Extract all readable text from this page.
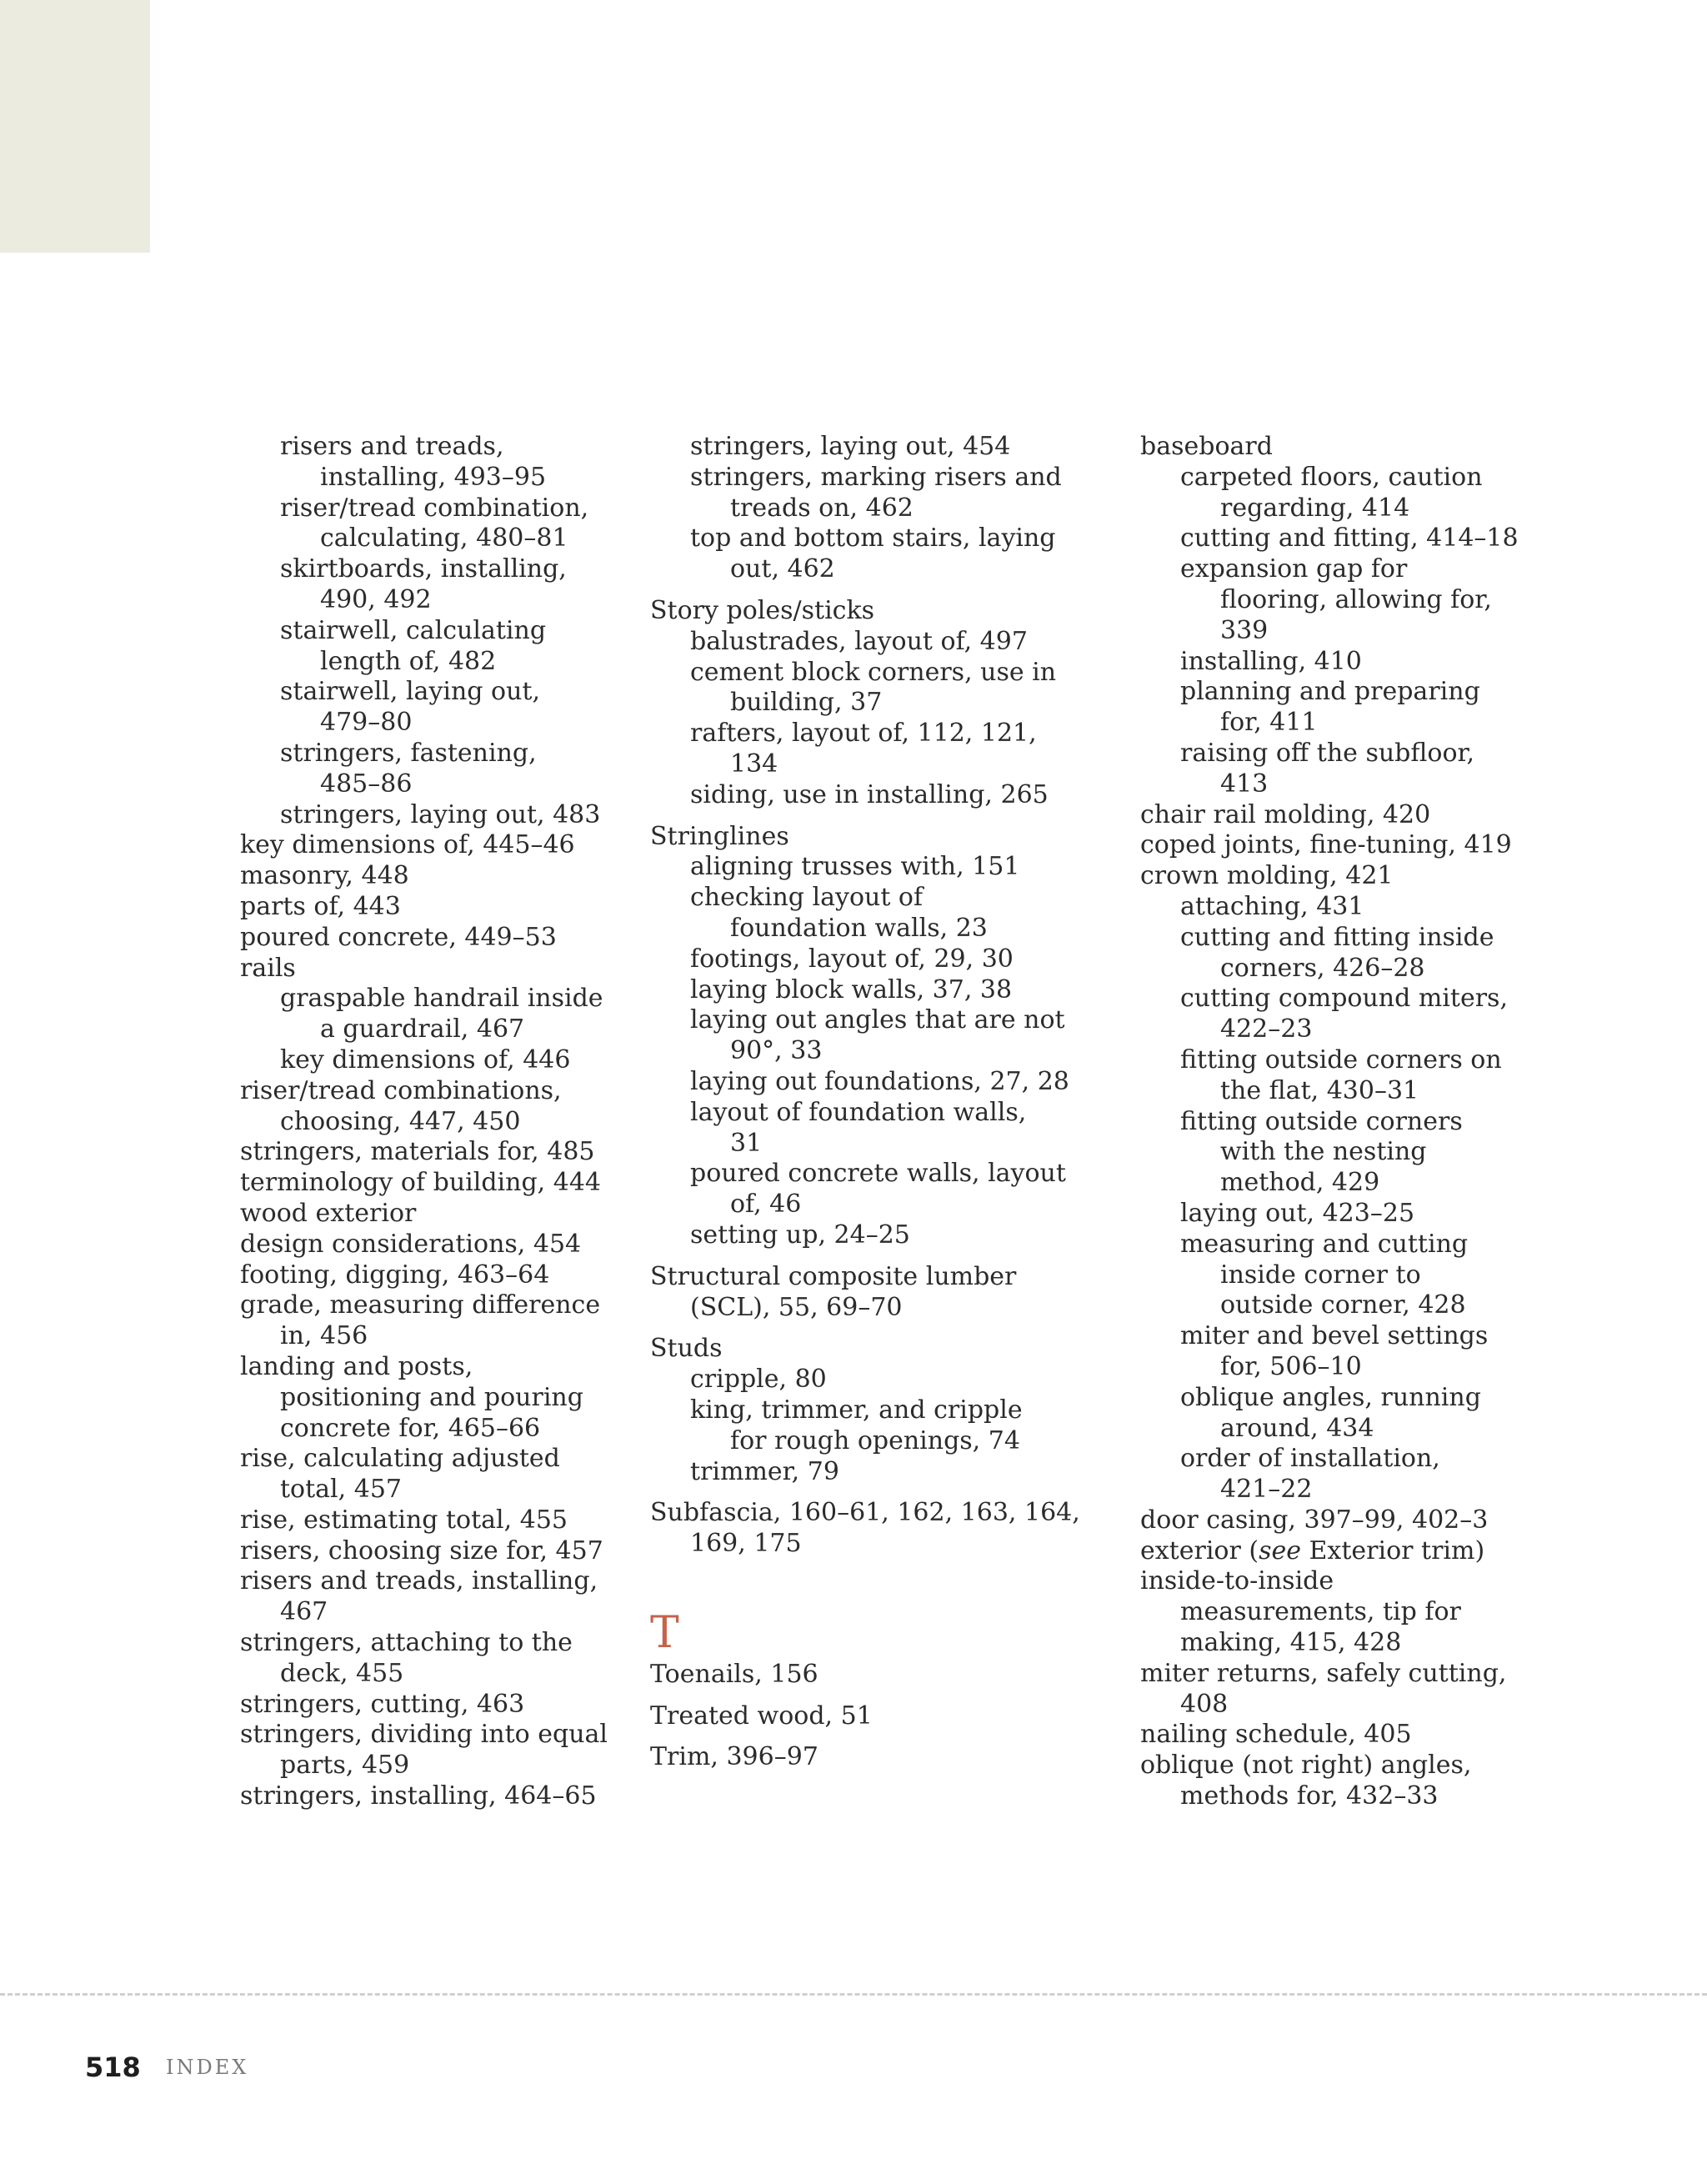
risers and treads,
installing, 493–95
riser/tread combination,
calculating, 480–81
skirtboards, installing,
490, 492
stairwell, calculating
length of, 482
stairwell, laying out,
479–80
stringers, fastening,
485–86
stringers, laying out, 483
key dimensions of, 445–46
masonry, 448
parts of, 443
poured concrete, 449–53
rails
graspable handrail inside
a guardrail, 467
key dimensions of, 446
riser/tread combinations,
choosing, 447, 450
stringers, materials for, 485
terminology of building, 444
wood exterior
design considerations, 454
footing, digging, 463–64
grade, measuring difference
in, 456
landing and posts,
positioning and pouring
concrete for, 465–66
rise, calculating adjusted
total, 457
rise, estimating total, 455
risers, choosing size for, 457
risers and treads, installing,
467
stringers, attaching to the
deck, 455
stringers, cutting, 463
stringers, dividing into equal
parts, 459
stringers, installing, 464–65
stringers, laying out, 454
stringers, marking risers and
treads on, 462
top and bottom stairs, laying
out, 462
Story poles/sticks
balustrades, layout of, 497
cement block corners, use in
building, 37
rafters, layout of, 112, 121,
134
siding, use in installing, 265
Stringlines
aligning trusses with, 151
checking layout of
foundation walls, 23
footings, layout of, 29, 30
laying block walls, 37, 38
laying out angles that are not
90°, 33
laying out foundations, 27, 28
layout of foundation walls,
31
poured concrete walls, layout
of, 46
setting up, 24–25
Structural composite lumber
(SCL), 55, 69–70
Studs
cripple, 80
king, trimmer, and cripple
for rough openings, 74
trimmer, 79
Subfascia, 160–61, 162, 163, 164,
169, 175
T
Toenails, 156
Treated wood, 51
Trim, 396–97
baseboard
carpeted floors, caution
regarding, 414
cutting and fitting, 414–18
expansion gap for
flooring, allowing for,
339
installing, 410
planning and preparing
for, 411
raising off the subfloor,
413
chair rail molding, 420
coped joints, fine-tuning, 419
crown molding, 421
attaching, 431
cutting and fitting inside
corners, 426–28
cutting compound miters,
422–23
fitting outside corners on
the flat, 430–31
fitting outside corners
with the nesting
method, 429
laying out, 423–25
measuring and cutting
inside corner to
outside corner, 428
miter and bevel settings
for, 506–10
oblique angles, running
around, 434
order of installation,
421–22
door casing, 397–99, 402–3
exterior (see Exterior trim)
inside-to-inside
measurements, tip for
making, 415, 428
miter returns, safely cutting,
408
nailing schedule, 405
oblique (not right) angles,
methods for, 432–33
518 INDEX
